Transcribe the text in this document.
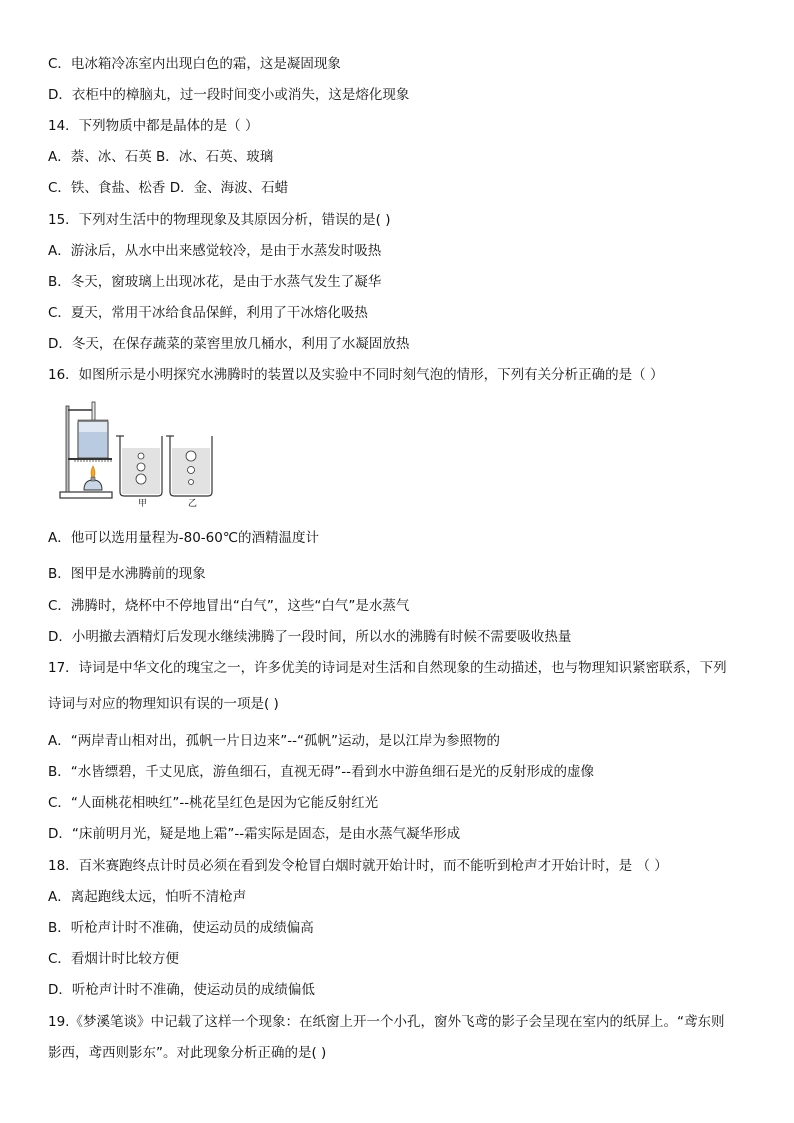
C．电冰箱冷冻室内出现白色的霜，这是凝固现象
D．衣柜中的樟脑丸，过一段时间变小或消失，这是熔化现象
14．下列物质中都是晶体的是（ ）
A．萘、冰、石英 B．冰、石英、玻璃
C．铁、食盐、松香 D．金、海波、石蜡
15．下列对生活中的物理现象及其原因分析，错误的是( )
A．游泳后，从水中出来感觉较冷，是由于水蒸发时吸热
B．冬天，窗玻璃上出现冰花，是由于水蒸气发生了凝华
C．夏天，常用干冰给食品保鲜，利用了干冰熔化吸热
D．冬天，在保存蔬菜的菜窖里放几桶水，利用了水凝固放热
16．如图所示是小明探究水沸腾时的装置以及实验中不同时刻气泡的情形，下列有关分析正确的是（ ）
甲	乙
A．他可以选用量程为-80-60℃的酒精温度计
B．图甲是水沸腾前的现象
C．沸腾时，烧杯中不停地冒出“白气”，这些“白气”是水蒸气
D．小明撤去酒精灯后发现水继续沸腾了一段时间，所以水的沸腾有时候不需要吸收热量
17．诗词是中华文化的瑰宝之一，许多优美的诗词是对生活和自然现象的生动描述，也与物理知识紧密联系，下列
诗词与对应的物理知识有误的一项是( )
A．“两岸青山相对出，孤帆一片日边来”--“孤帆”运动，是以江岸为参照物的
B．“水皆缥碧，千丈见底，游鱼细石，直视无碍”--看到水中游鱼细石是光的反射形成的虚像
C．“人面桃花相映红”--桃花呈红色是因为它能反射红光
D．“床前明月光，疑是地上霜”--霜实际是固态，是由水蒸气凝华形成
18．百米赛跑终点计时员必须在看到发令枪冒白烟时就开始计时，而不能听到枪声才开始计时，是 （ ）
A．离起跑线太远，怕听不清枪声
B．听枪声计时不准确，使运动员的成绩偏高
C．看烟计时比较方便
D．听枪声计时不准确，使运动员的成绩偏低
19.《梦溪笔谈》中记载了这样一个现象：在纸窗上开一个小孔，窗外飞鸢的影子会呈现在室内的纸屏上。“鸢东则
影西，鸢西则影东”。对此现象分析正确的是( )
